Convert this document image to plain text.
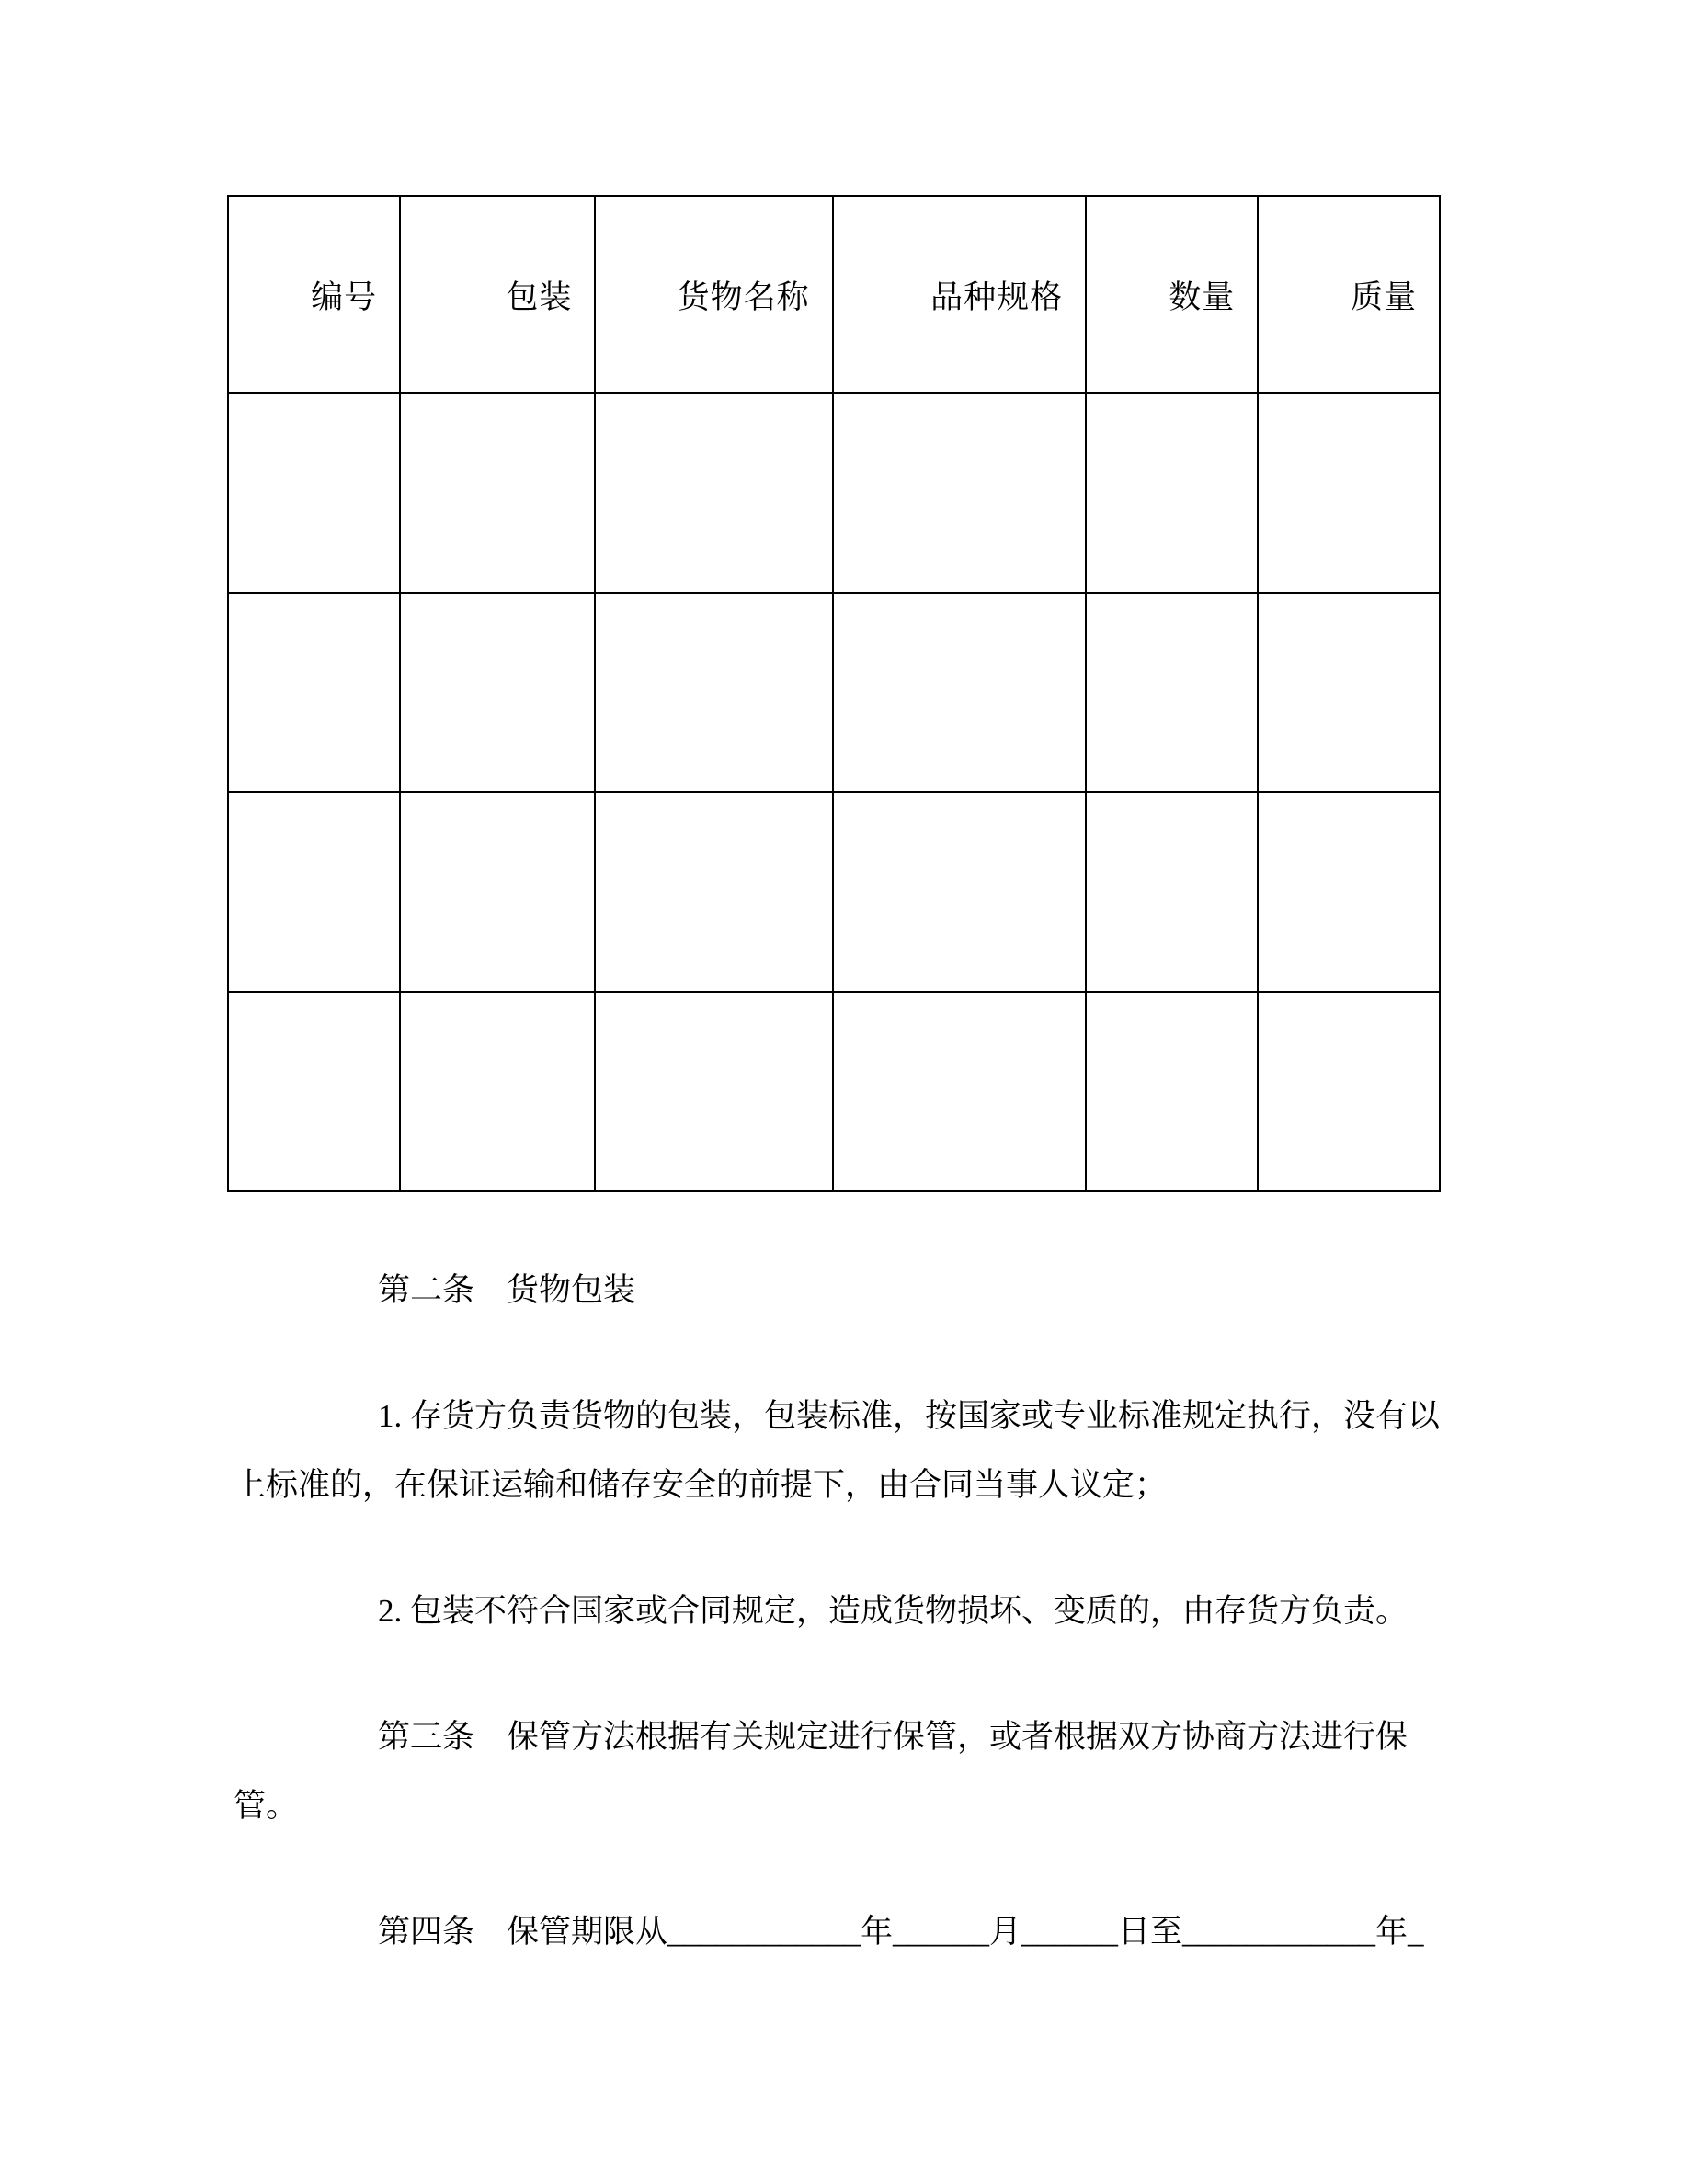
编号	包装	货物名称	品种规格	数量	质量

第二条　货物包装

1. 存货方负责货物的包装，包装标准，按国家或专业标准规定执行，没有以上标准的，在保证运输和储存安全的前提下，由合同当事人议定；

2. 包装不符合国家或合同规定，造成货物损坏、变质的，由存货方负责。

第三条　保管方法根据有关规定进行保管，或者根据双方协商方法进行保管。

第四条　保管期限从____________年______月______日至____________年_
